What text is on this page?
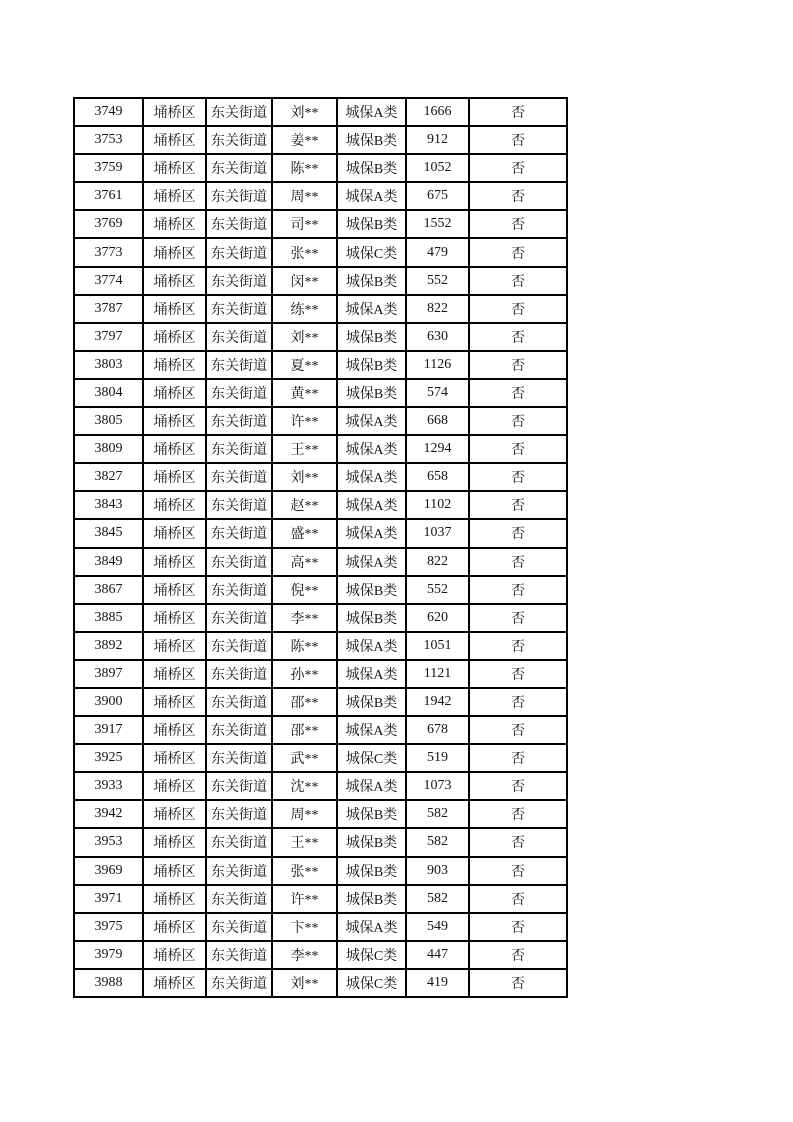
3749	埇桥区	东关街道	刘**	城保A类	1666	否
3753	埇桥区	东关街道	姜**	城保B类	912	否
3759	埇桥区	东关街道	陈**	城保B类	1052	否
3761	埇桥区	东关街道	周**	城保A类	675	否
3769	埇桥区	东关街道	司**	城保B类	1552	否
3773	埇桥区	东关街道	张**	城保C类	479	否
3774	埇桥区	东关街道	闵**	城保B类	552	否
3787	埇桥区	东关街道	练**	城保A类	822	否
3797	埇桥区	东关街道	刘**	城保B类	630	否
3803	埇桥区	东关街道	夏**	城保B类	1126	否
3804	埇桥区	东关街道	黄**	城保B类	574	否
3805	埇桥区	东关街道	许**	城保A类	668	否
3809	埇桥区	东关街道	王**	城保A类	1294	否
3827	埇桥区	东关街道	刘**	城保A类	658	否
3843	埇桥区	东关街道	赵**	城保A类	1102	否
3845	埇桥区	东关街道	盛**	城保A类	1037	否
3849	埇桥区	东关街道	高**	城保A类	822	否
3867	埇桥区	东关街道	倪**	城保B类	552	否
3885	埇桥区	东关街道	李**	城保B类	620	否
3892	埇桥区	东关街道	陈**	城保A类	1051	否
3897	埇桥区	东关街道	孙**	城保A类	1121	否
3900	埇桥区	东关街道	邵**	城保B类	1942	否
3917	埇桥区	东关街道	邵**	城保A类	678	否
3925	埇桥区	东关街道	武**	城保C类	519	否
3933	埇桥区	东关街道	沈**	城保A类	1073	否
3942	埇桥区	东关街道	周**	城保B类	582	否
3953	埇桥区	东关街道	王**	城保B类	582	否
3969	埇桥区	东关街道	张**	城保B类	903	否
3971	埇桥区	东关街道	许**	城保B类	582	否
3975	埇桥区	东关街道	卞**	城保A类	549	否
3979	埇桥区	东关街道	李**	城保C类	447	否
3988	埇桥区	东关街道	刘**	城保C类	419	否
